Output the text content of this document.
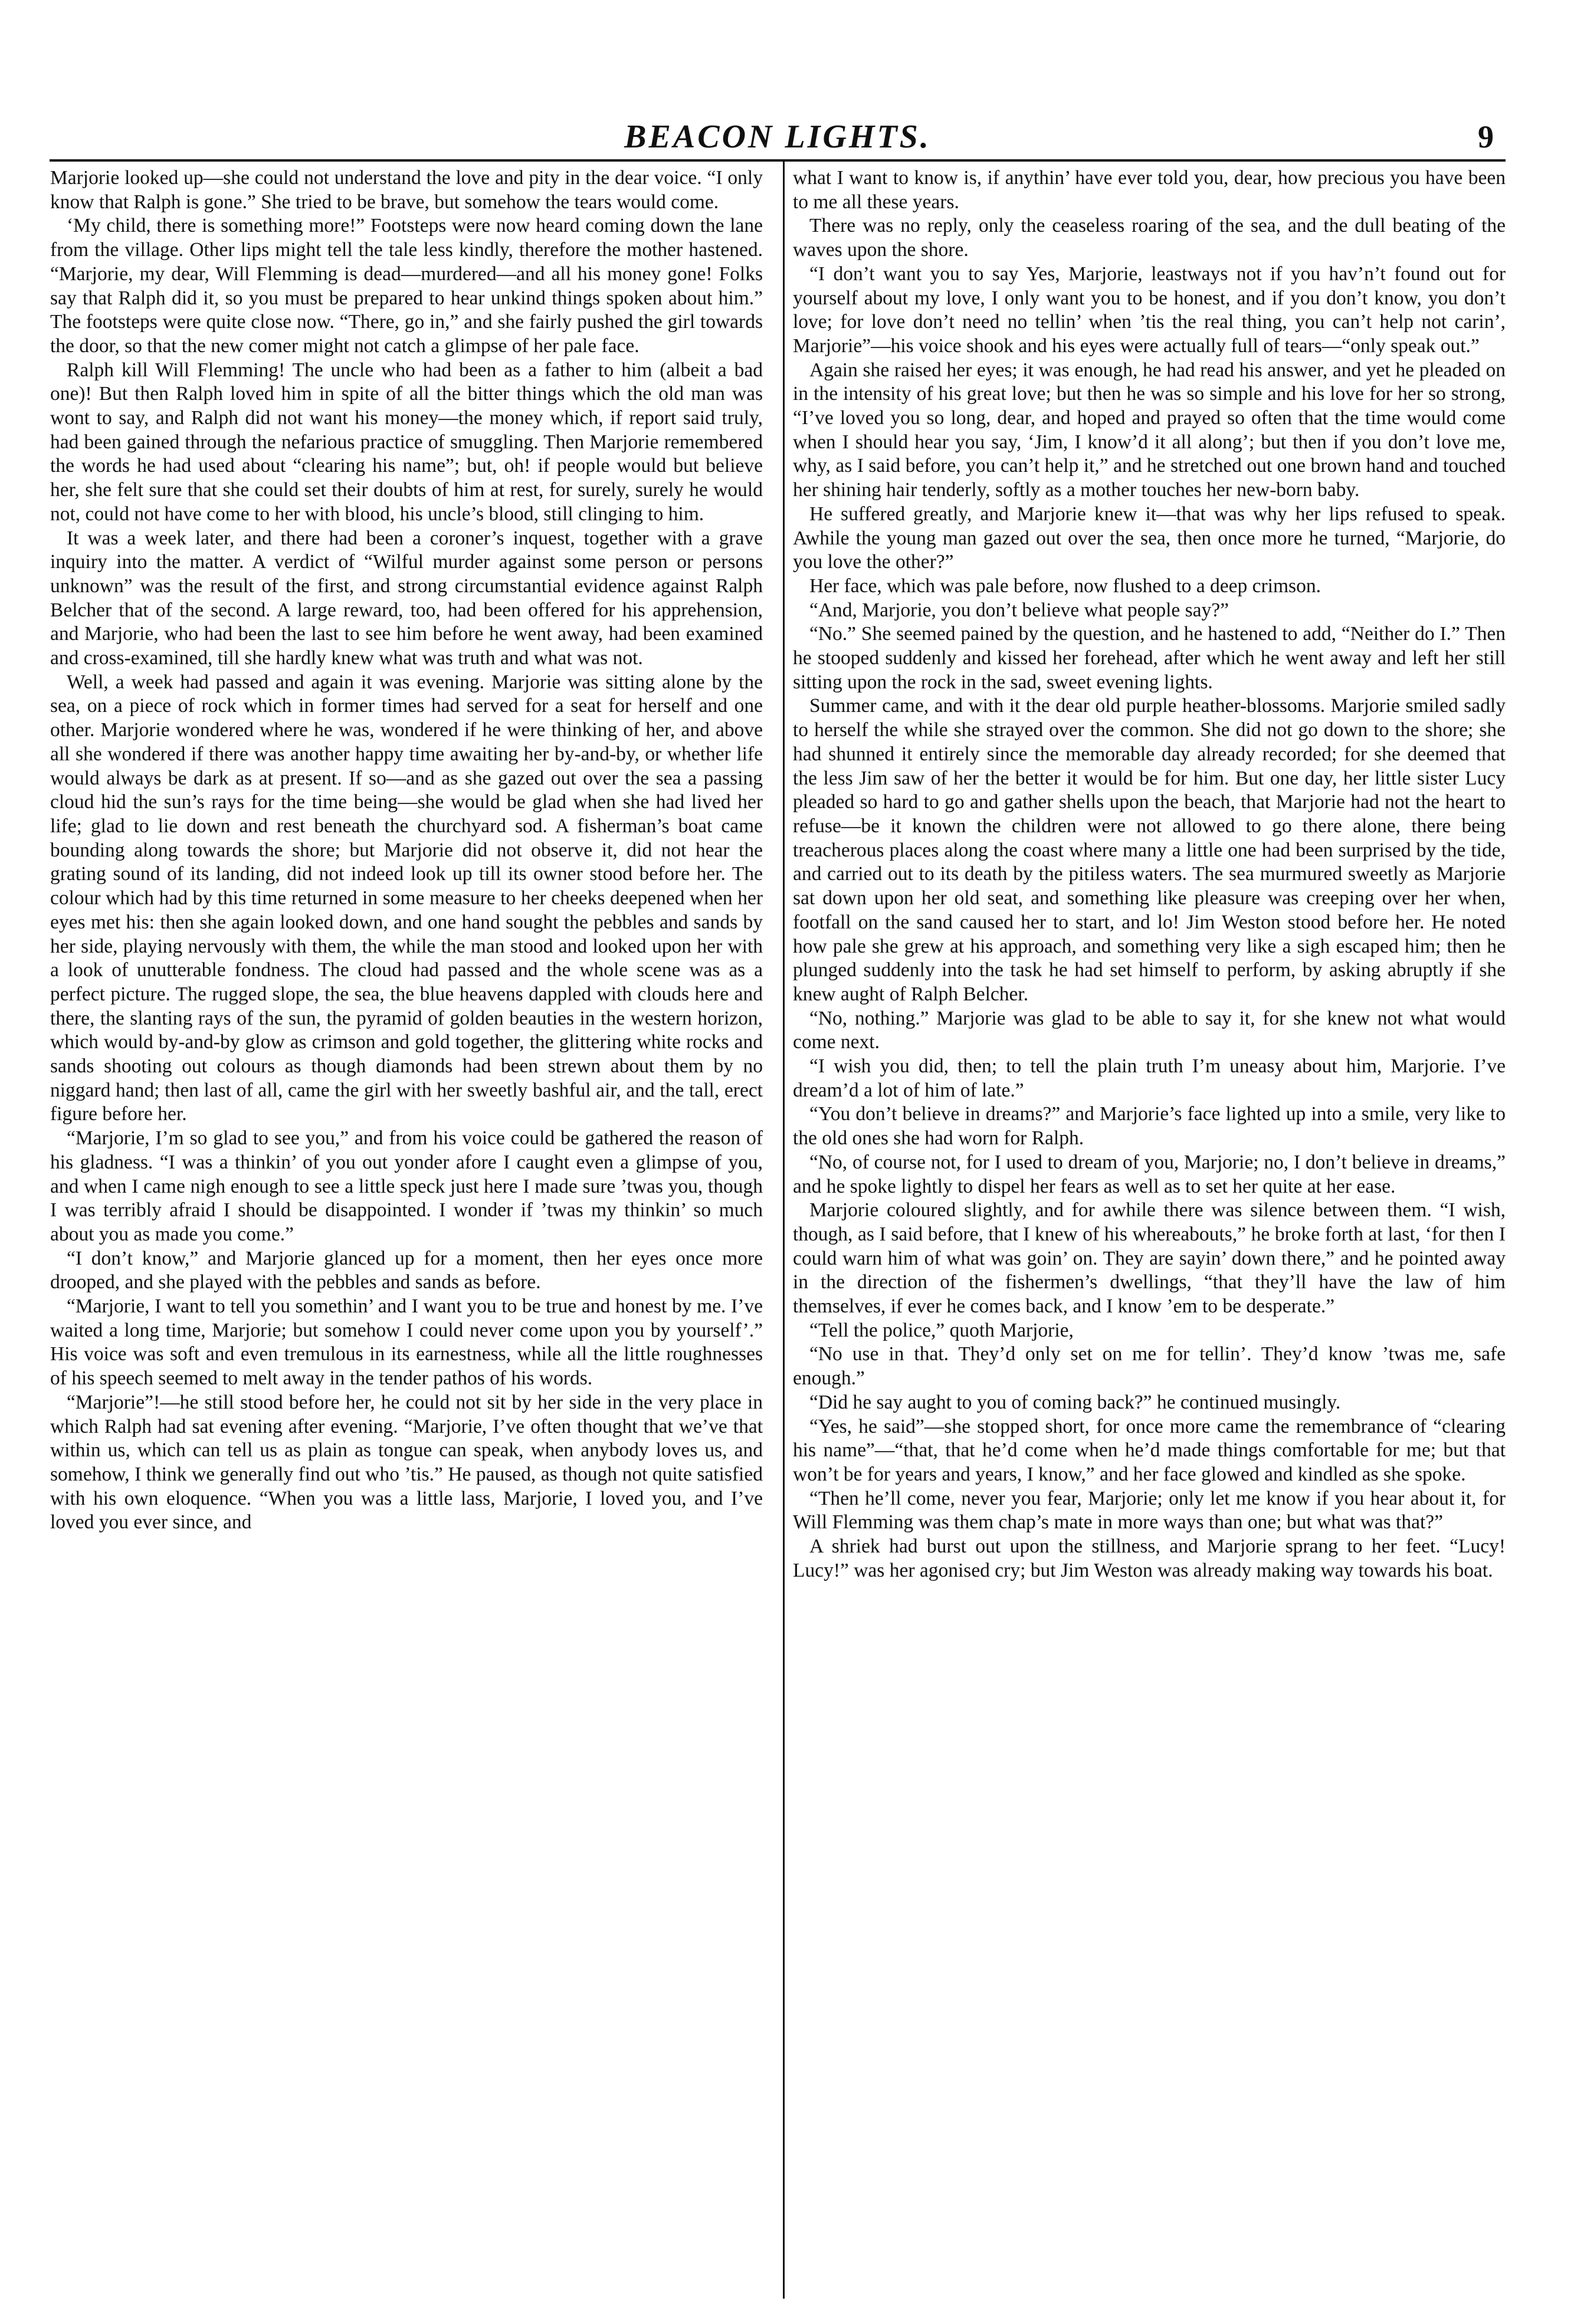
BEACON LIGHTS.	9

Marjorie looked up—she could not understand the love and pity in the dear voice. “I only know that Ralph is gone.” She tried to be brave, but somehow the tears would come.

‘My child, there is something more!” Footsteps were now heard coming down the lane from the village. Other lips might tell the tale less kindly, therefore the mother hastened. “Marjorie, my dear, Will Flemming is dead—murdered—and all his money gone! Folks say that Ralph did it, so you must be prepared to hear unkind things spoken about him.” The footsteps were quite close now. “There, go in,” and she fairly pushed the girl towards the door, so that the new comer might not catch a glimpse of her pale face.

Ralph kill Will Flemming! The uncle who had been as a father to him (albeit a bad one)! But then Ralph loved him in spite of all the bitter things which the old man was wont to say, and Ralph did not want his money—the money which, if report said truly, had been gained through the nefarious practice of smuggling. Then Marjorie remembered the words he had used about “clearing his name”; but, oh! if people would but believe her, she felt sure that she could set their doubts of him at rest, for surely, surely he would not, could not have come to her with blood, his uncle’s blood, still clinging to him.

It was a week later, and there had been a coroner’s inquest, together with a grave inquiry into the matter. A verdict of “Wilful murder against some person or persons unknown” was the result of the first, and strong circumstantial evidence against Ralph Belcher that of the second. A large reward, too, had been offered for his apprehension, and Marjorie, who had been the last to see him before he went away, had been examined and cross-examined, till she hardly knew what was truth and what was not.

Well, a week had passed and again it was evening. Marjorie was sitting alone by the sea, on a piece of rock which in former times had served for a seat for herself and one other. Marjorie wondered where he was, wondered if he were thinking of her, and above all she wondered if there was another happy time awaiting her by-and-by, or whether life would always be dark as at present. If so—and as she gazed out over the sea a passing cloud hid the sun’s rays for the time being—she would be glad when she had lived her life; glad to lie down and rest beneath the churchyard sod. A fisherman’s boat came bounding along towards the shore; but Marjorie did not observe it, did not hear the grating sound of its landing, did not indeed look up till its owner stood before her. The colour which had by this time returned in some measure to her cheeks deepened when her eyes met his: then she again looked down, and one hand sought the pebbles and sands by her side, playing nervously with them, the while the man stood and looked upon her with a look of unutterable fondness. The cloud had passed and the whole scene was as a perfect picture. The rugged slope, the sea, the blue heavens dappled with clouds here and there, the slanting rays of the sun, the pyramid of golden beauties in the western horizon, which would by-and-by glow as crimson and gold together, the glittering white rocks and sands shooting out colours as though diamonds had been strewn about them by no niggard hand; then last of all, came the girl with her sweetly bashful air, and the tall, erect figure before her.

“Marjorie, I’m so glad to see you,” and from his voice could be gathered the reason of his gladness. “I was a thinkin’ of you out yonder afore I caught even a glimpse of you, and when I came nigh enough to see a little speck just here I made sure ’twas you, though I was terribly afraid I should be disappointed. I wonder if ’twas my thinkin’ so much about you as made you come.”

“I don’t know,” and Marjorie glanced up for a moment, then her eyes once more drooped, and she played with the pebbles and sands as before.

“Marjorie, I want to tell you somethin’ and I want you to be true and honest by me. I’ve waited a long time, Marjorie; but somehow I could never come upon you by yourself’.” His voice was soft and even tremulous in its earnestness, while all the little roughnesses of his speech seemed to melt away in the tender pathos of his words.

“Marjorie”!—he still stood before her, he could not sit by her side in the very place in which Ralph had sat evening after evening. “Marjorie, I’ve often thought that we’ve that within us, which can tell us as plain as tongue can speak, when anybody loves us, and somehow, I think we generally find out who ’tis.” He paused, as though not quite satisfied with his own eloquence. “When you was a little lass, Marjorie, I loved you, and I’ve loved you ever since, and

what I want to know is, if anythin’ have ever told you, dear, how precious you have been to me all these years.

There was no reply, only the ceaseless roaring of the sea, and the dull beating of the waves upon the shore.

“I don’t want you to say Yes, Marjorie, leastways not if you hav’n’t found out for yourself about my love, I only want you to be honest, and if you don’t know, you don’t love; for love don’t need no tellin’ when ’tis the real thing, you can’t help not carin’, Marjorie”—his voice shook and his eyes were actually full of tears—“only speak out.”

Again she raised her eyes; it was enough, he had read his answer, and yet he pleaded on in the intensity of his great love; but then he was so simple and his love for her so strong, “I’ve loved you so long, dear, and hoped and prayed so often that the time would come when I should hear you say, ‘Jim, I know’d it all along’; but then if you don’t love me, why, as I said before, you can’t help it,” and he stretched out one brown hand and touched her shining hair tenderly, softly as a mother touches her new-born baby.

He suffered greatly, and Marjorie knew it—that was why her lips refused to speak. Awhile the young man gazed out over the sea, then once more he turned, “Marjorie, do you love the other?”

Her face, which was pale before, now flushed to a deep crimson.

“And, Marjorie, you don’t believe what people say?”

“No.” She seemed pained by the question, and he hastened to add, “Neither do I.” Then he stooped suddenly and kissed her forehead, after which he went away and left her still sitting upon the rock in the sad, sweet evening lights.

Summer came, and with it the dear old purple heather-blossoms. Marjorie smiled sadly to herself the while she strayed over the common. She did not go down to the shore; she had shunned it entirely since the memorable day already recorded; for she deemed that the less Jim saw of her the better it would be for him. But one day, her little sister Lucy pleaded so hard to go and gather shells upon the beach, that Marjorie had not the heart to refuse—be it known the children were not allowed to go there alone, there being treacherous places along the coast where many a little one had been surprised by the tide, and carried out to its death by the pitiless waters. The sea murmured sweetly as Marjorie sat down upon her old seat, and something like pleasure was creeping over her when, footfall on the sand caused her to start, and lo! Jim Weston stood before her. He noted how pale she grew at his approach, and something very like a sigh escaped him; then he plunged suddenly into the task he had set himself to perform, by asking abruptly if she knew aught of Ralph Belcher.

“No, nothing.” Marjorie was glad to be able to say it, for she knew not what would come next.

“I wish you did, then; to tell the plain truth I’m uneasy about him, Marjorie. I’ve dream’d a lot of him of late.”

“You don’t believe in dreams?” and Marjorie’s face lighted up into a smile, very like to the old ones she had worn for Ralph.

“No, of course not, for I used to dream of you, Marjorie; no, I don’t believe in dreams,” and he spoke lightly to dispel her fears as well as to set her quite at her ease.

Marjorie coloured slightly, and for awhile there was silence between them. “I wish, though, as I said before, that I knew of his whereabouts,” he broke forth at last, ‘for then I could warn him of what was goin’ on. They are sayin’ down there,” and he pointed away in the direction of the fishermen’s dwellings, “that they’ll have the law of him themselves, if ever he comes back, and I know ’em to be desperate.”

“Tell the police,” quoth Marjorie,

“No use in that. They’d only set on me for tellin’. They’d know ’twas me, safe enough.”

“Did he say aught to you of coming back?” he continued musingly.

“Yes, he said”—she stopped short, for once more came the remembrance of “clearing his name”—“that, that he’d come when he’d made things comfortable for me; but that won’t be for years and years, I know,” and her face glowed and kindled as she spoke.

“Then he’ll come, never you fear, Marjorie; only let me know if you hear about it, for Will Flemming was them chap’s mate in more ways than one; but what was that?”

A shriek had burst out upon the stillness, and Marjorie sprang to her feet. “Lucy! Lucy!” was her agonised cry; but Jim Weston was already making way towards his boat.
